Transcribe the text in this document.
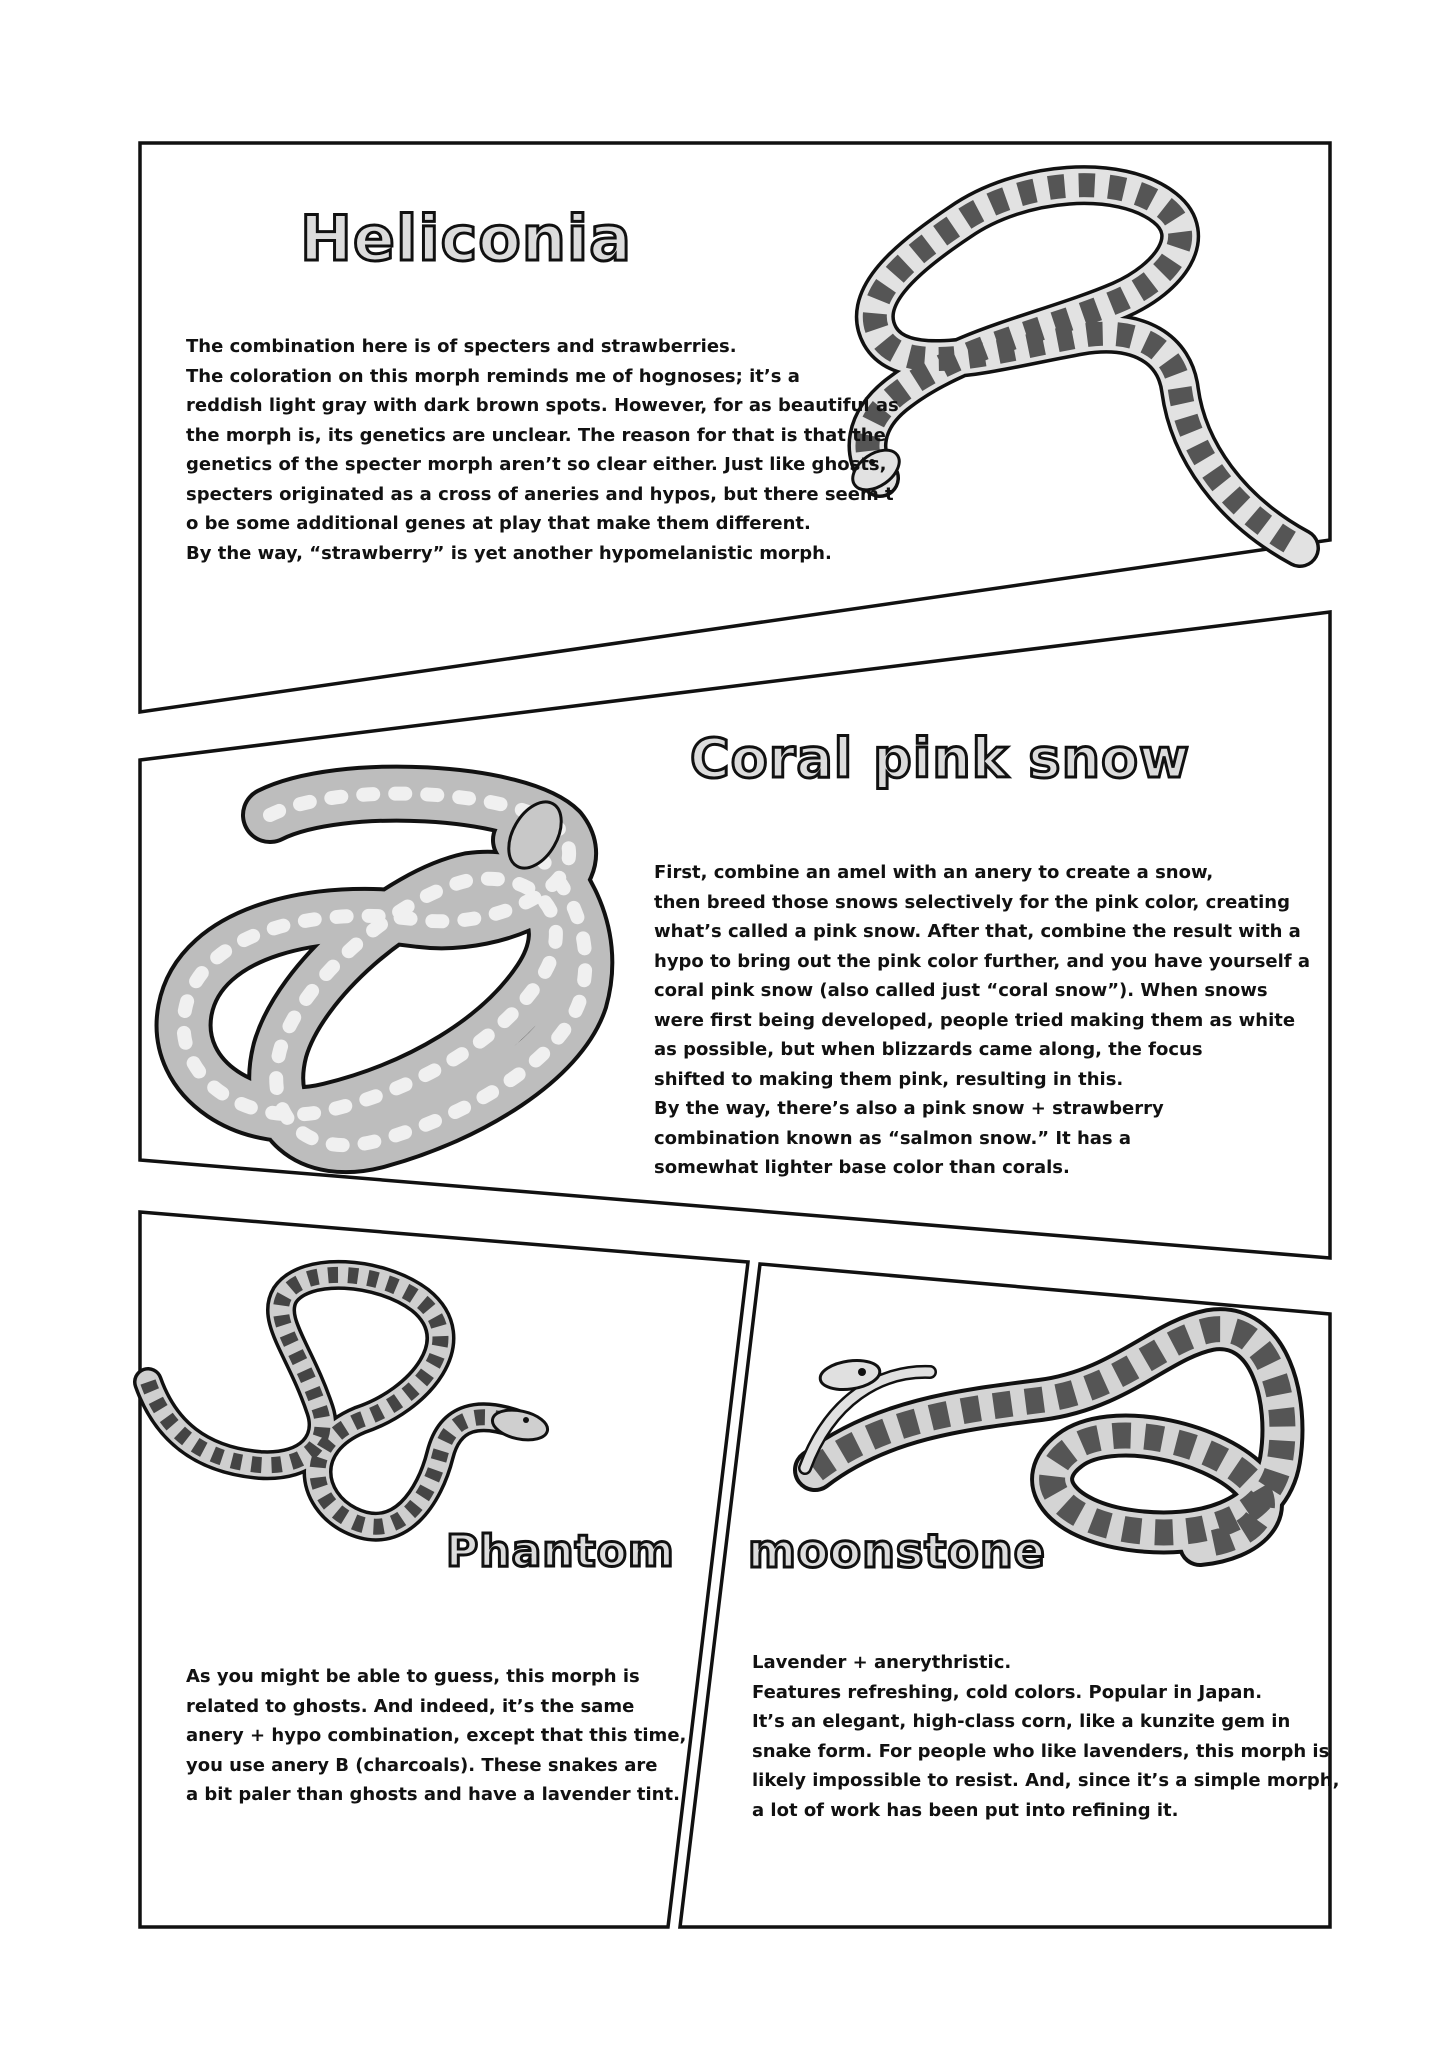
Heliconia
The combination here is of specters and strawberries.
The coloration on this morph reminds me of hognoses; it’s a
reddish light gray with dark brown spots. However, for as beautiful as
the morph is, its genetics are unclear. The reason for that is that the
genetics of the specter morph aren’t so clear either. Just like ghosts,
specters originated as a cross of aneries and hypos, but there seem t
o be some additional genes at play that make them different.
By the way, “strawberry” is yet another hypomelanistic morph.
Coral pink snow
First, combine an amel with an anery to create a snow,
then breed those snows selectively for the pink color, creating
what’s called a pink snow. After that, combine the result with a
hypo to bring out the pink color further, and you have yourself a
coral pink snow (also called just “coral snow”). When snows
were first being developed, people tried making them as white
as possible, but when blizzards came along, the focus
shifted to making them pink, resulting in this.
By the way, there’s also a pink snow + strawberry
combination known as “salmon snow.” It has a
somewhat lighter base color than corals.
Phantom
As you might be able to guess, this morph is
related to ghosts. And indeed, it’s the same
anery + hypo combination, except that this time,
you use anery B (charcoals). These snakes are
a bit paler than ghosts and have a lavender tint.
moonstone
Lavender + anerythristic.
Features refreshing, cold colors. Popular in Japan.
It’s an elegant, high-class corn, like a kunzite gem in
snake form. For people who like lavenders, this morph is
likely impossible to resist. And, since it’s a simple morph,
a lot of work has been put into refining it.
